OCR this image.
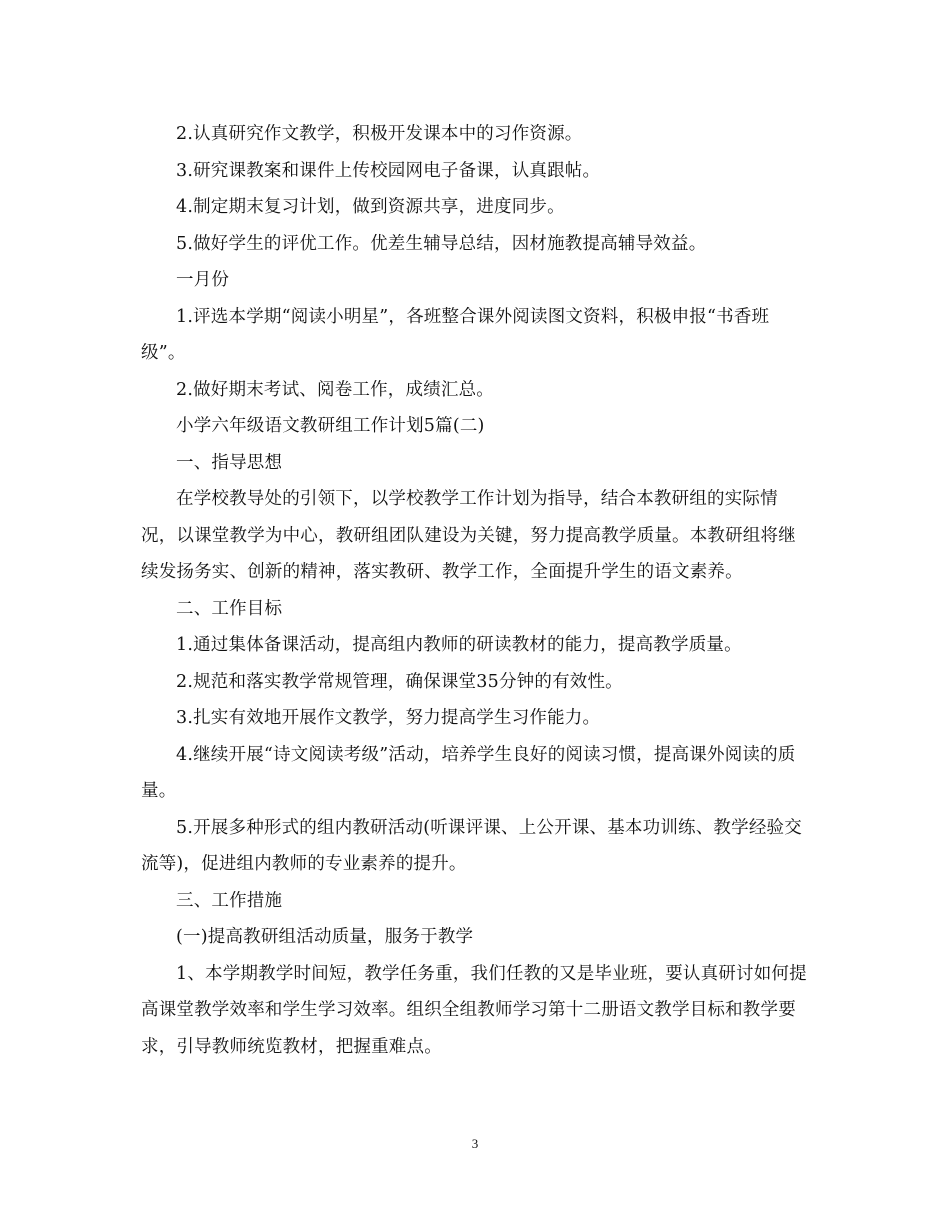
2.认真研究作文教学，积极开发课本中的习作资源。

3.研究课教案和课件上传校园网电子备课，认真跟帖。

4.制定期末复习计划，做到资源共享，进度同步。

5.做好学生的评优工作。优差生辅导总结，因材施教提高辅导效益。

一月份

1.评选本学期“阅读小明星”，各班整合课外阅读图文资料，积极申报“书香班级”。

2.做好期末考试、阅卷工作，成绩汇总。

小学六年级语文教研组工作计划5篇(二)

一、指导思想

在学校教导处的引领下，以学校教学工作计划为指导，结合本教研组的实际情况，以课堂教学为中心，教研组团队建设为关键，努力提高教学质量。本教研组将继续发扬务实、创新的精神，落实教研、教学工作，全面提升学生的语文素养。

二、工作目标

1.通过集体备课活动，提高组内教师的研读教材的能力，提高教学质量。

2.规范和落实教学常规管理，确保课堂35分钟的有效性。

3.扎实有效地开展作文教学，努力提高学生习作能力。

4.继续开展“诗文阅读考级”活动，培养学生良好的阅读习惯，提高课外阅读的质量。

5.开展多种形式的组内教研活动(听课评课、上公开课、基本功训练、教学经验交流等)，促进组内教师的专业素养的提升。

三、工作措施

(一)提高教研组活动质量，服务于教学

1、本学期教学时间短，教学任务重，我们任教的又是毕业班，要认真研讨如何提高课堂教学效率和学生学习效率。组织全组教师学习第十二册语文教学目标和教学要求，引导教师统览教材，把握重难点。

3
